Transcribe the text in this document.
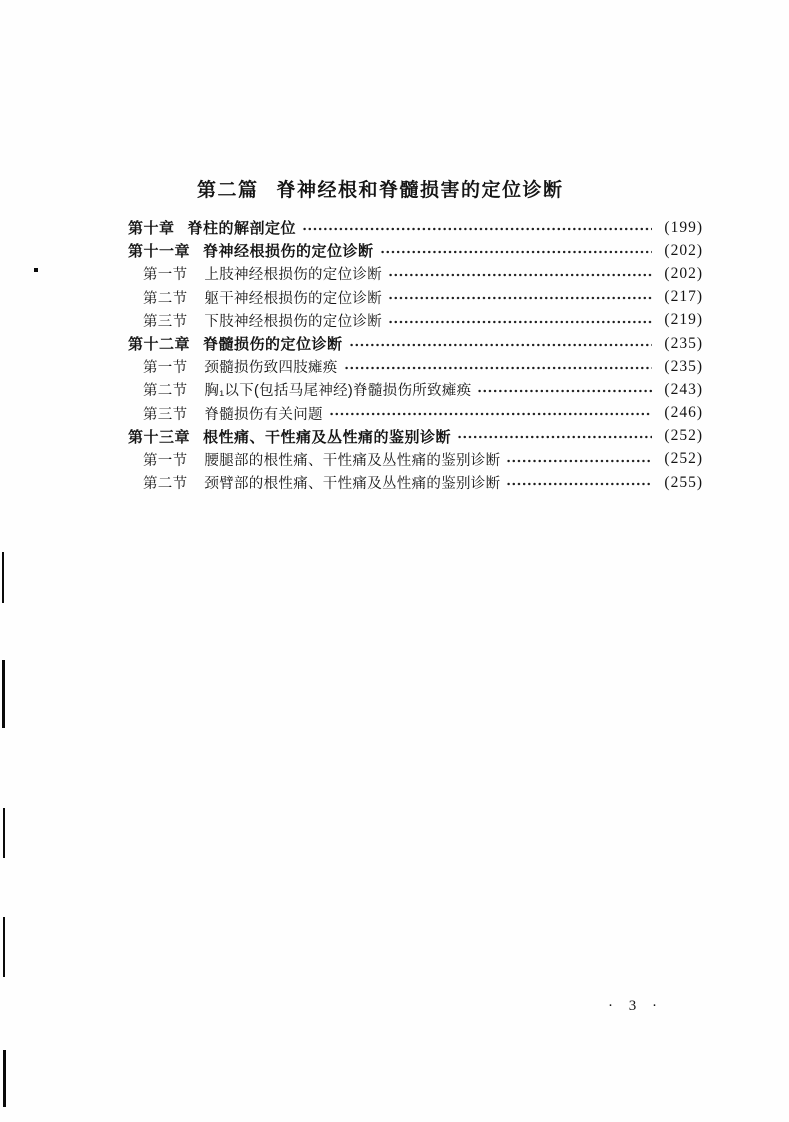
第二篇 脊神经根和脊髓损害的定位诊断
第十章 脊柱的解剖定位	(199)
第十一章 脊神经根损伤的定位诊断	(202)
第一节 上肢神经根损伤的定位诊断	(202)
第二节 躯干神经根损伤的定位诊断	(217)
第三节 下肢神经根损伤的定位诊断	(219)
第十二章 脊髓损伤的定位诊断	(235)
第一节 颈髓损伤致四肢瘫痪	(235)
第二节 胸₁以下(包括马尾神经)脊髓损伤所致瘫痪	(243)
第三节 脊髓损伤有关问题	(246)
第十三章 根性痛、干性痛及丛性痛的鉴别诊断	(252)
第一节 腰腿部的根性痛、干性痛及丛性痛的鉴别诊断	(252)
第二节 颈臂部的根性痛、干性痛及丛性痛的鉴别诊断	(255)
· 3 ·
